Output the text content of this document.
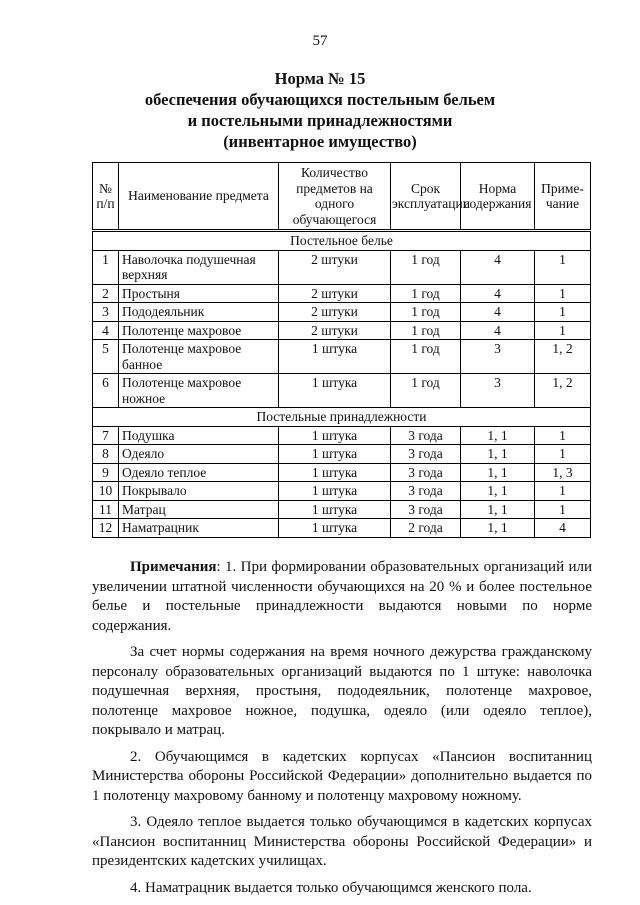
57
Норма № 15
обеспечения обучающихся постельным бельем
и постельными принадлежностями
(инвентарное имущество)
№ п/п	Наименование предмета	Количество предметов на одного обучающегося	Срок эксплуатации	Норма содержания	Приме-чание
Постельное белье					
1	Наволочка подушечная верхняя	2 штуки	1 год	4	1
2	Простыня	2 штуки	1 год	4	1
3	Пододеяльник	2 штуки	1 год	4	1
4	Полотенце махровое	2 штуки	1 год	4	1
5	Полотенце махровое банное	1 штука	1 год	3	1, 2
6	Полотенце махровое ножное	1 штука	1 год	3	1, 2
Постельные принадлежности					
7	Подушка	1 штука	3 года	1, 1	1
8	Одеяло	1 штука	3 года	1, 1	1
9	Одеяло теплое	1 штука	3 года	1, 1	1, 3
10	Покрывало	1 штука	3 года	1, 1	1
11	Матрац	1 штука	3 года	1, 1	1
12	Наматрацник	1 штука	2 года	1, 1	4

Примечания: 1. При формировании образовательных организаций или увеличении штатной численности обучающихся на 20 % и более постельное белье и постельные принадлежности выдаются новыми по норме содержания.

За счет нормы содержания на время ночного дежурства гражданскому персоналу образовательных организаций выдаются по 1 штуке: наволочка подушечная верхняя, простыня, пододеяльник, полотенце махровое, полотенце махровое ножное, подушка, одеяло (или одеяло теплое), покрывало и матрац.

2. Обучающимся в кадетских корпусах «Пансион воспитанниц Министерства обороны Российской Федерации» дополнительно выдается по 1 полотенцу махровому банному и полотенцу махровому ножному.

3. Одеяло теплое выдается только обучающимся в кадетских корпусах «Пансион воспитанниц Министерства обороны Российской Федерации» и президентских кадетских училищах.

4. Наматрацник выдается только обучающимся женского пола.
